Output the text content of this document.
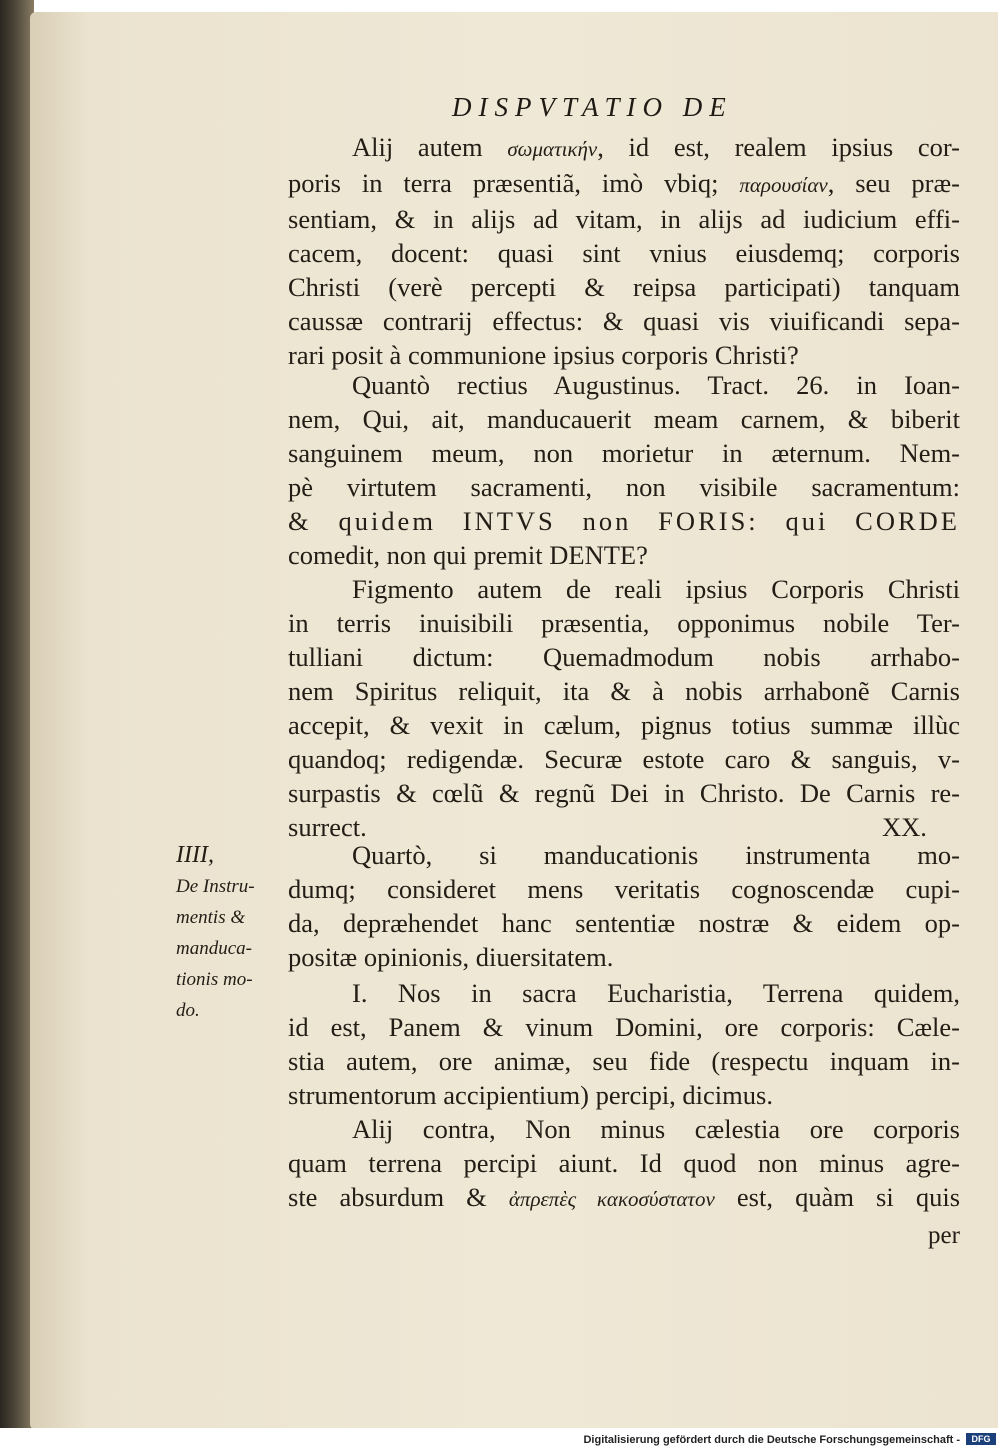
DISPVTATIO DE
Alij autem σωματικήν, id est, realem ipsius cor-
poris in terra præsentiã, imò vbiq; παρουσίαν, seu præ-
sentiam, & in alijs ad vitam, in alijs ad iudicium effi-
cacem, docent: quasi sint vnius eiusdemq; corporis
Christi (verè percepti & reipsa participati) tanquam
caussæ contrarij effectus: & quasi vis viuificandi sepa-
rari posit à communione ipsius corporis Christi?
Quantò rectius Augustinus. Tract. 26. in Ioan-
nem, Qui, ait, manducauerit meam carnem, & biberit
sanguinem meum, non morietur in æternum. Nem-
pè virtutem sacramenti, non visibile sacramentum:
& quidem INTVS non FORIS: qui CORDE
comedit, non qui premit DENTE?
Figmento autem de reali ipsius Corporis Christi
in terris inuisibili præsentia, opponimus nobile Ter-
tulliani dictum: Quemadmodum nobis arrhabo-
nem Spiritus reliquit, ita & à nobis arrhabonẽ Carnis
accepit, & vexit in cælum, pignus totius summæ illùc
quandoq; redigendæ. Securæ estote caro & sanguis, v-
surpastis & cœlũ & regnũ Dei in Christo. De Carnis re-
surrect.	XX.
IIII,
De Instru-
mentis &
manduca-
tionis mo-
do.
Quartò, si manducationis instrumenta mo-
dumq; consideret mens veritatis cognoscendæ cupi-
da, depræhendet hanc sententiæ nostræ & eidem op-
positæ opinionis, diuersitatem.
I. Nos in sacra Eucharistia, Terrena quidem,
id est, Panem & vinum Domini, ore corporis: Cæle-
stia autem, ore animæ, seu fide (respectu inquam in-
strumentorum accipientium) percipi, dicimus.
Alij contra, Non minus cælestia ore corporis
quam terrena percipi aiunt. Id quod non minus agre-
ste absurdum & ἀπρεπὲς κακοσύστατον est, quàm si quis
per
Digitalisierung gefördert durch die Deutsche Forschungsgemeinschaft -	DFG
